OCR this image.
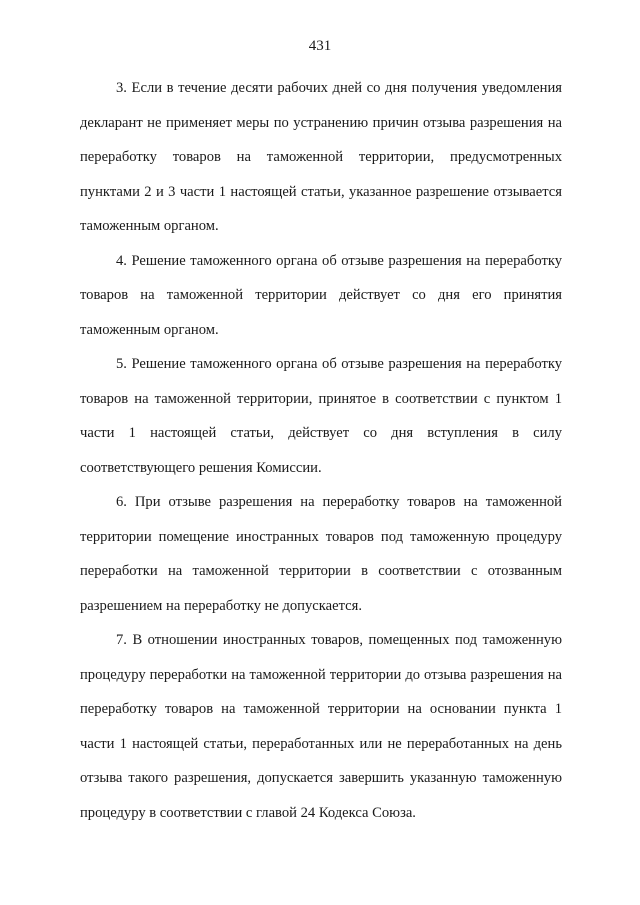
431

3. Если в течение десяти рабочих дней со дня получения уведомления декларант не применяет меры по устранению причин отзыва разрешения на переработку товаров на таможенной территории, предусмотренных пунктами 2 и 3 части 1 настоящей статьи, указанное разрешение отзывается таможенным органом.

4. Решение таможенного органа об отзыве разрешения на переработку товаров на таможенной территории действует со дня его принятия таможенным органом.

5. Решение таможенного органа об отзыве разрешения на переработку товаров на таможенной территории, принятое в соответствии с пунктом 1 части 1 настоящей статьи, действует со дня вступления в силу соответствующего решения Комиссии.

6. При отзыве разрешения на переработку товаров на таможенной территории помещение иностранных товаров под таможенную процедуру переработки на таможенной территории в соответствии с отозванным разрешением на переработку не допускается.

7. В отношении иностранных товаров, помещенных под таможенную процедуру переработки на таможенной территории до отзыва разрешения на переработку товаров на таможенной территории на основании пункта 1 части 1 настоящей статьи, переработанных или не переработанных на день отзыва такого разрешения, допускается завершить указанную таможенную процедуру в соответствии с главой 24 Кодекса Союза.
